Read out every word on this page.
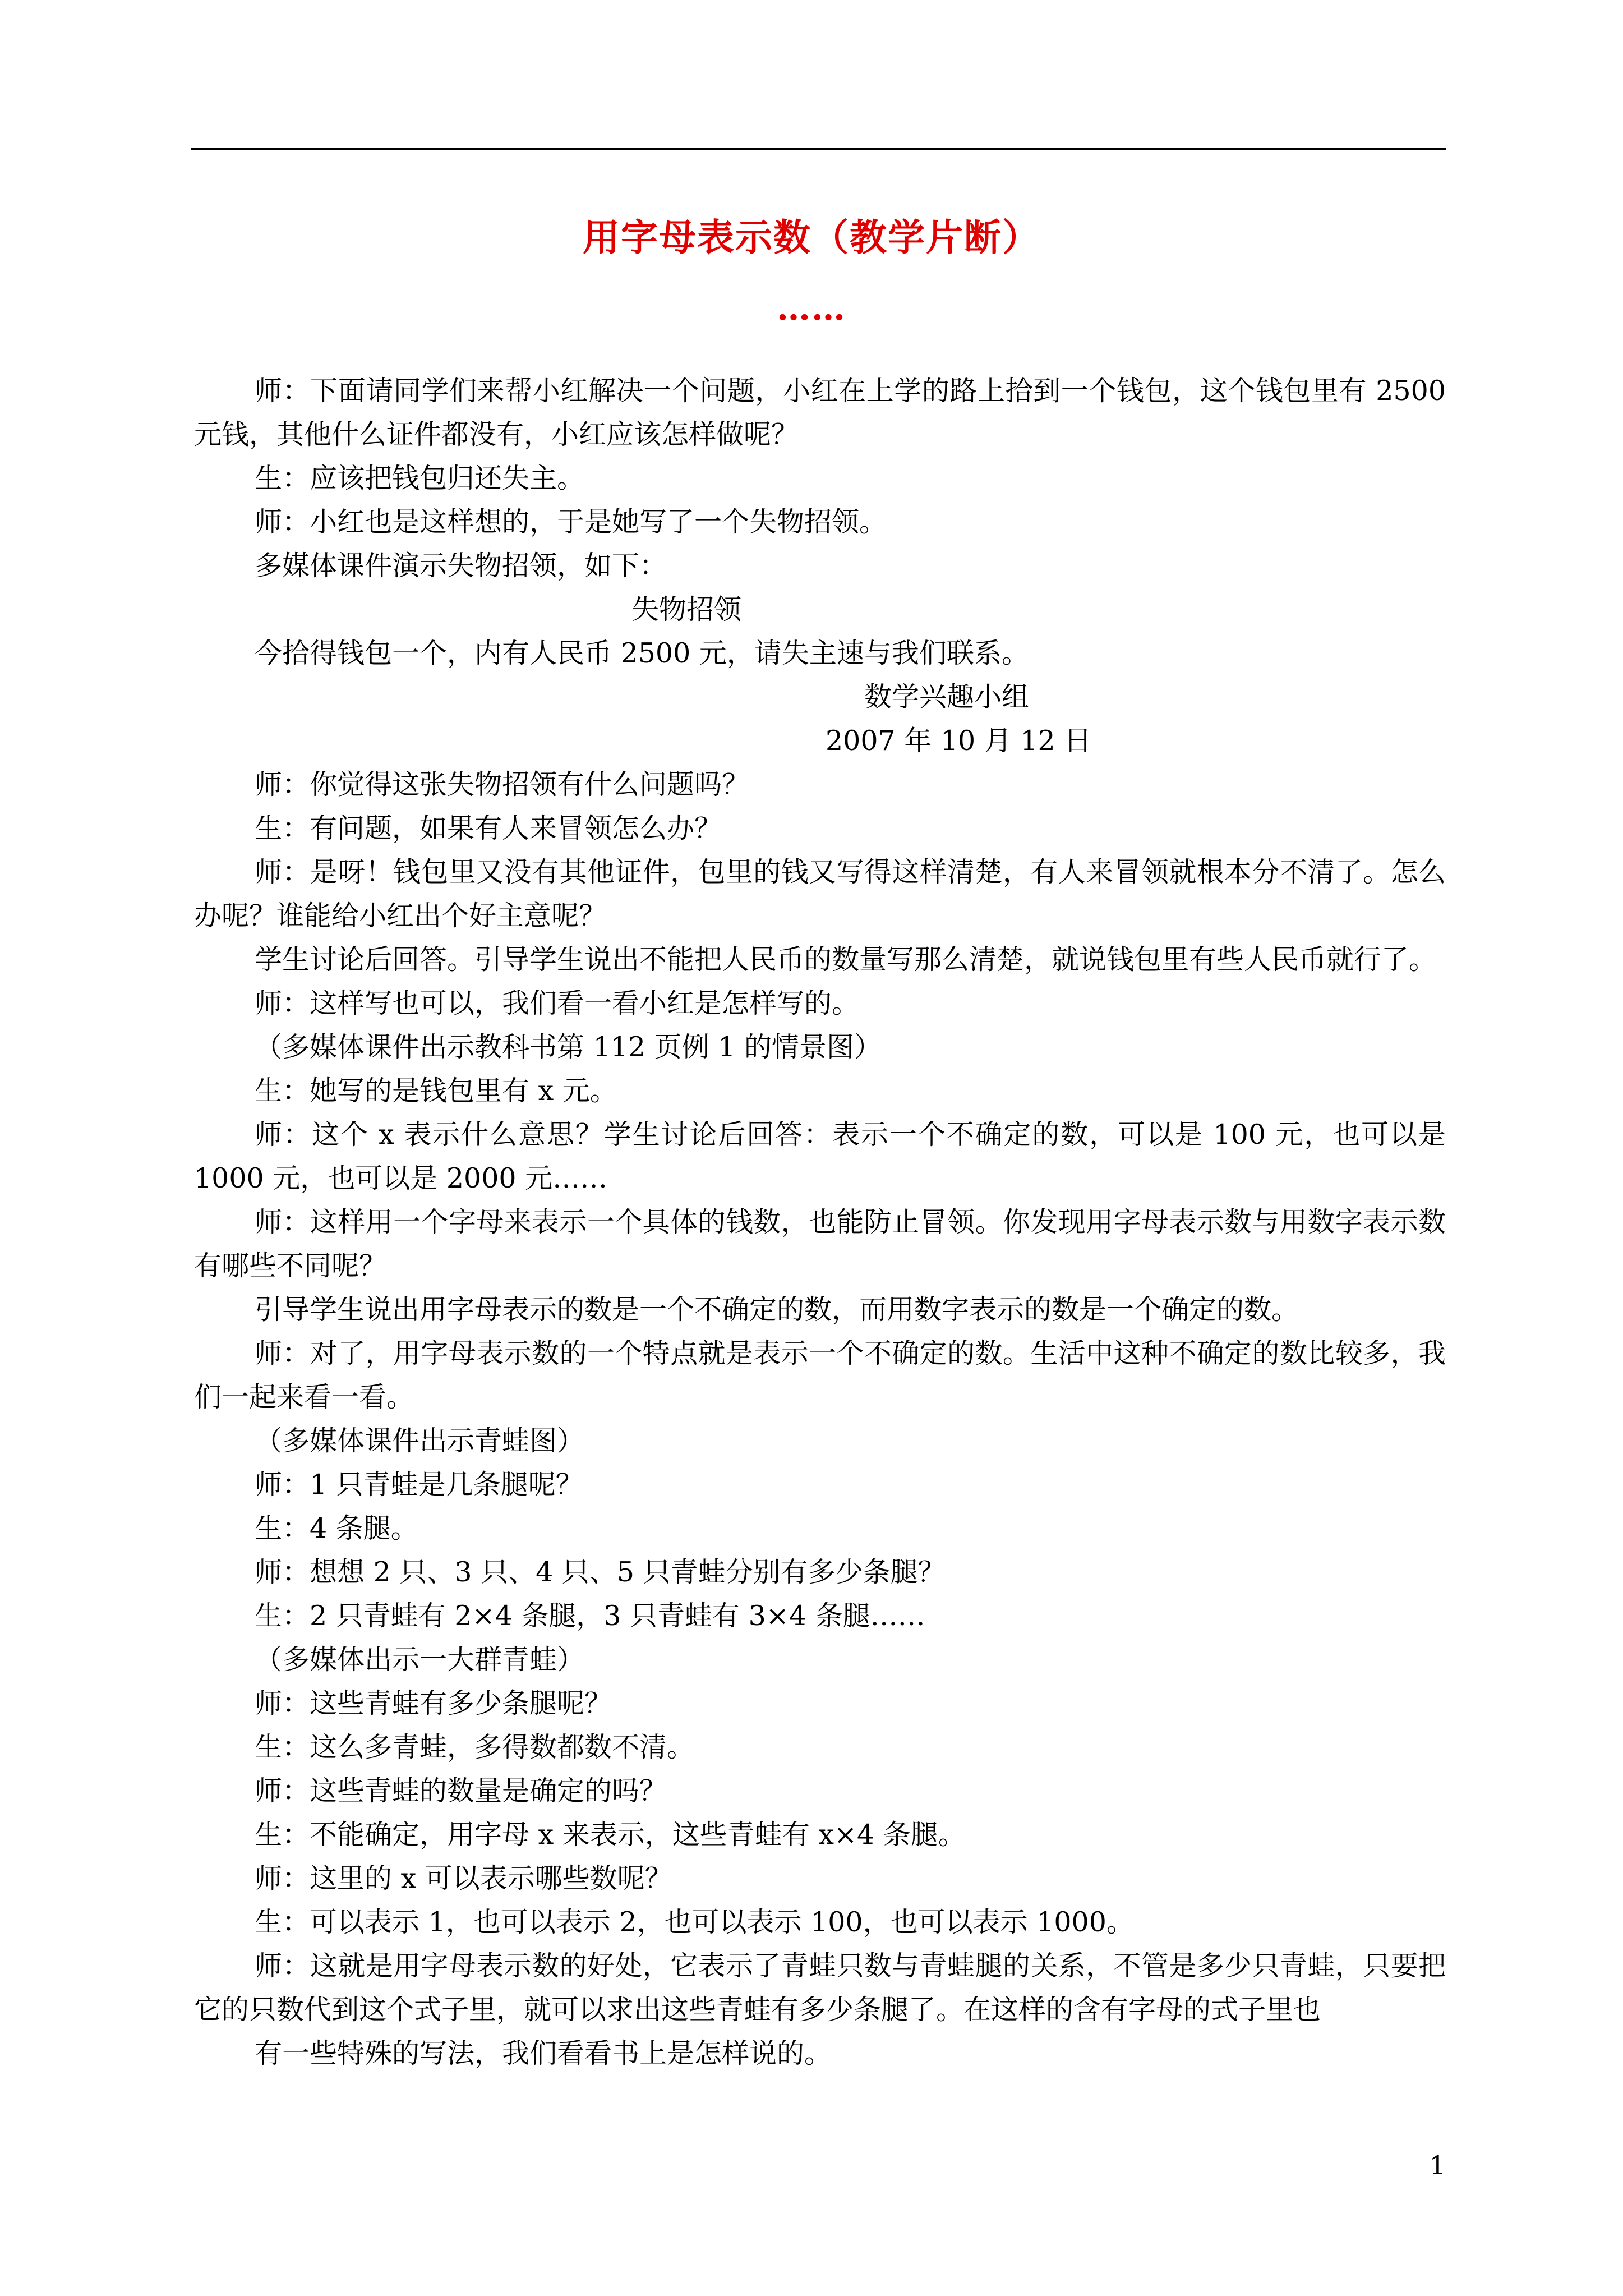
用字母表示数（教学片断）
……

师：下面请同学们来帮小红解决一个问题，小红在上学的路上拾到一个钱包，这个钱包里有 2500 元钱，其他什么证件都没有，小红应该怎样做呢？

生：应该把钱包归还失主。

师：小红也是这样想的，于是她写了一个失物招领。

多媒体课件演示失物招领，如下：

失物招领

今拾得钱包一个，内有人民币 2500 元，请失主速与我们联系。

数学兴趣小组

2007 年 10 月 12 日

师：你觉得这张失物招领有什么问题吗？

生：有问题，如果有人来冒领怎么办？

师：是呀！钱包里又没有其他证件，包里的钱又写得这样清楚，有人来冒领就根本分不清了。怎么办呢？谁能给小红出个好主意呢？

学生讨论后回答。引导学生说出不能把人民币的数量写那么清楚，就说钱包里有些人民币就行了。

师：这样写也可以，我们看一看小红是怎样写的。

（多媒体课件出示教科书第 112 页例 1 的情景图）

生：她写的是钱包里有 x 元。

师：这个 x 表示什么意思？学生讨论后回答：表示一个不确定的数，可以是 100 元，也可以是 1000 元，也可以是 2000 元……

师：这样用一个字母来表示一个具体的钱数，也能防止冒领。你发现用字母表示数与用数字表示数有哪些不同呢？

引导学生说出用字母表示的数是一个不确定的数，而用数字表示的数是一个确定的数。

师：对了，用字母表示数的一个特点就是表示一个不确定的数。生活中这种不确定的数比较多，我们一起来看一看。

（多媒体课件出示青蛙图）

师：1 只青蛙是几条腿呢？

生：4 条腿。

师：想想 2 只、3 只、4 只、5 只青蛙分别有多少条腿？

生：2 只青蛙有 2×4 条腿，3 只青蛙有 3×4 条腿……

（多媒体出示一大群青蛙）

师：这些青蛙有多少条腿呢？

生：这么多青蛙，多得数都数不清。

师：这些青蛙的数量是确定的吗？

生：不能确定，用字母 x 来表示，这些青蛙有 x×4 条腿。

师：这里的 x 可以表示哪些数呢？

生：可以表示 1，也可以表示 2，也可以表示 100，也可以表示 1000。

师：这就是用字母表示数的好处，它表示了青蛙只数与青蛙腿的关系，不管是多少只青蛙，只要把它的只数代到这个式子里，就可以求出这些青蛙有多少条腿了。在这样的含有字母的式子里也

有一些特殊的写法，我们看看书上是怎样说的。

1
